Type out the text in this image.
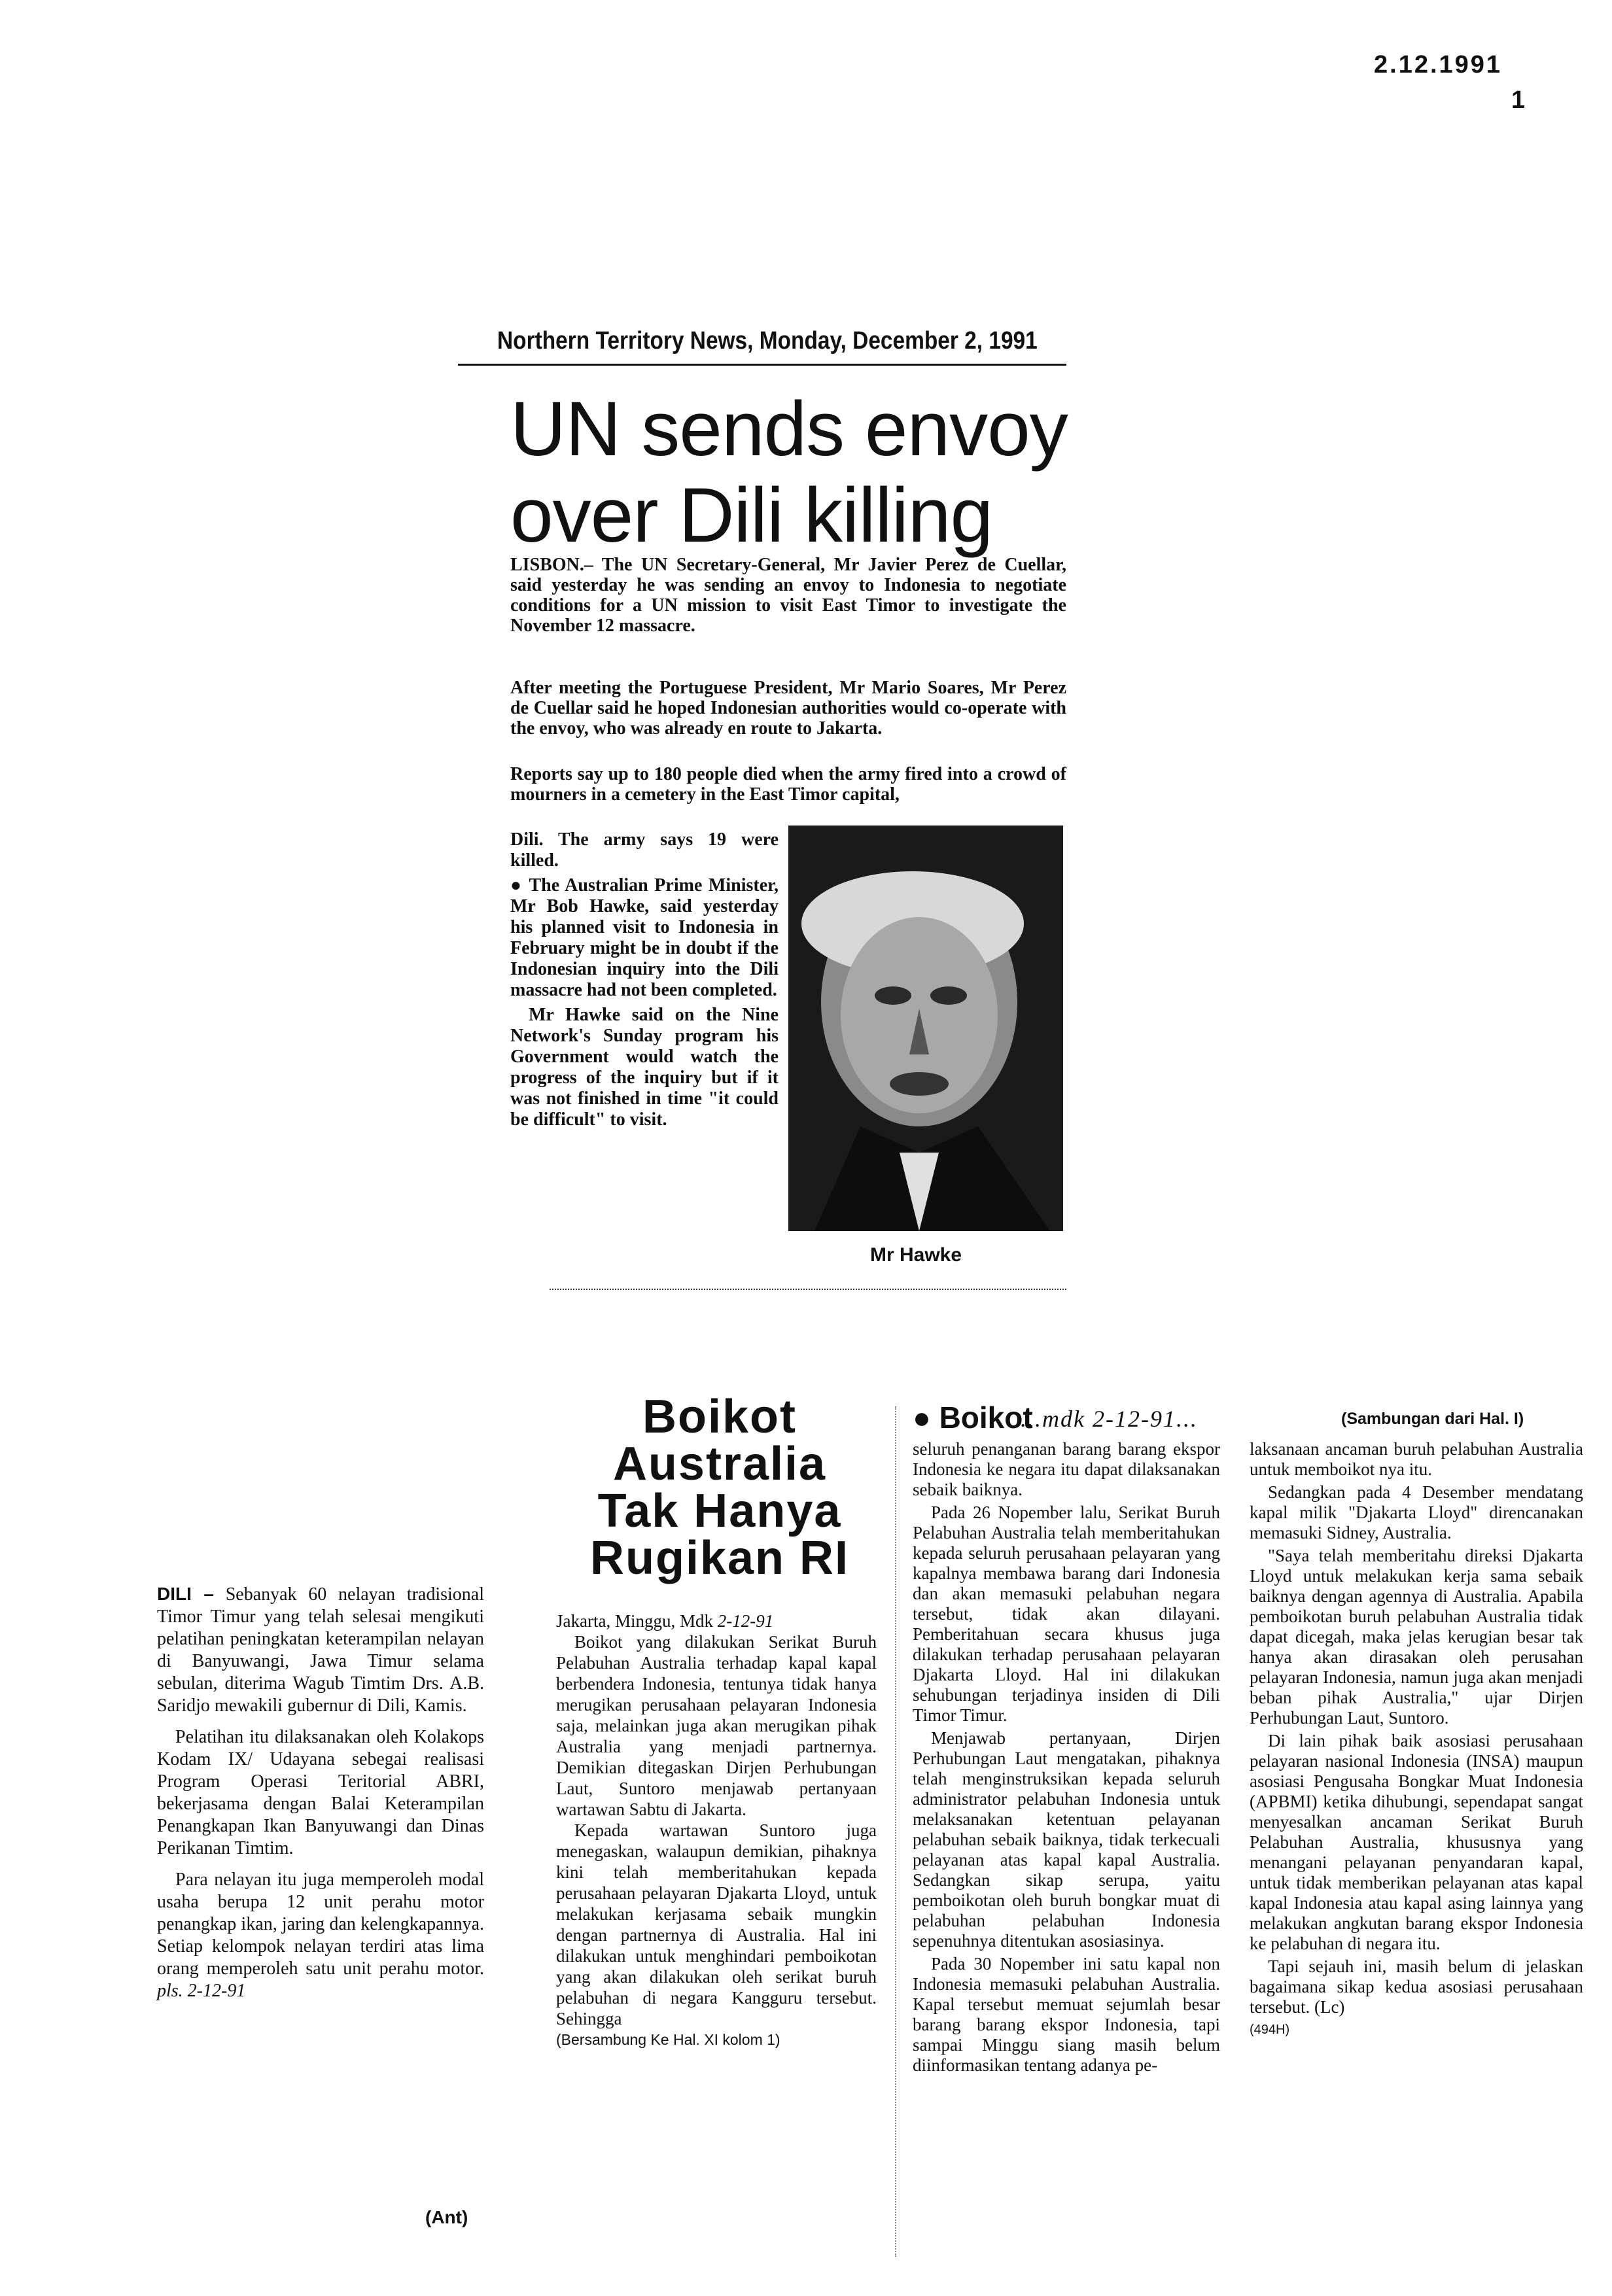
2.12.1991
1
Northern Territory News, Monday, December 2, 1991
UN sends envoy
over Dili killing
LISBON.– The UN Secretary-General, Mr Javier Perez de Cuellar, said yesterday he was sending an envoy to Indonesia to negotiate conditions for a UN mission to visit East Timor to investigate the November 12 massacre.
After meeting the Portuguese President, Mr Mario Soares, Mr Perez de Cuellar said he hoped Indonesian authorities would co-operate with the envoy, who was already en route to Jakarta.
Reports say up to 180 people died when the army fired into a crowd of mourners in a cemetery in the East Timor capital,

Dili. The army says 19 were killed.

● The Australian Prime Minister, Mr Bob Hawke, said yesterday his planned visit to Indonesia in February might be in doubt if the Indonesian inquiry into the Dili massacre had not been completed.

Mr Hawke said on the Nine Network's Sunday program his Government would watch the progress of the inquiry but if it was not finished in time "it could be difficult" to visit.

Mr Hawke

DILI – Sebanyak 60 nelayan tradisional Timor Timur yang telah selesai mengikuti pelatihan peningkatan keterampilan nelayan di Banyuwangi, Jawa Timur selama sebulan, diterima Wagub Timtim Drs. A.B. Saridjo mewakili gubernur di Dili, Kamis.

Pelatihan itu dilaksanakan oleh Kolakops Kodam IX/ Udayana sebegai realisasi Program Operasi Teritorial ABRI, bekerjasama dengan Balai Keterampilan Penangkapan Ikan Banyuwangi dan Dinas Perikanan Timtim.

Para nelayan itu juga memperoleh modal usaha berupa 12 unit perahu motor penangkap ikan, jaring dan kelengkapannya. Setiap kelompok nelayan terdiri atas lima orang memperoleh satu unit perahu motor. pls. 2-12-91

(Ant)
Boikot
Australia
Tak Hanya
Rugikan RI

Jakarta, Minggu, Mdk 2-12-91

Boikot yang dilakukan Serikat Buruh Pelabuhan Australia terhadap kapal kapal berbendera Indonesia, tentunya tidak hanya merugikan perusahaan pelayaran Indonesia saja, melainkan juga akan merugikan pihak Australia yang menjadi partnernya. Demikian ditegaskan Dirjen Perhubungan Laut, Suntoro menjawab pertanyaan wartawan Sabtu di Jakarta.

Kepada wartawan Suntoro juga menegaskan, walaupun demikian, pihaknya kini telah memberitahukan kepada perusahaan pelayaran Djakarta Lloyd, untuk melakukan kerjasama sebaik mungkin dengan partnernya di Australia. Hal ini dilakukan untuk menghindari pemboikotan yang akan dilakukan oleh serikat buruh pelabuhan di negara Kangguru tersebut. Sehingga

(Bersambung Ke Hal. XI kolom 1)

● Boikot
...mdk 2-12-91...	(Sambungan dari Hal. I)

seluruh penanganan barang barang ekspor Indonesia ke negara itu dapat dilaksanakan sebaik baiknya.

Pada 26 Nopember lalu, Serikat Buruh Pelabuhan Australia telah memberitahukan kepada seluruh perusahaan pelayaran yang kapalnya membawa barang dari Indonesia dan akan memasuki pelabuhan negara tersebut, tidak akan dilayani. Pemberitahuan secara khusus juga dilakukan terhadap perusahaan pelayaran Djakarta Lloyd. Hal ini dilakukan sehubungan terjadinya insiden di Dili Timor Timur.

Menjawab pertanyaan, Dirjen Perhubungan Laut mengatakan, pihaknya telah menginstruksikan kepada seluruh administrator pelabuhan Indonesia untuk melaksanakan ketentuan pelayanan pelabuhan sebaik baiknya, tidak terkecuali pelayanan atas kapal kapal Australia. Sedangkan sikap serupa, yaitu pemboikotan oleh buruh bongkar muat di pelabuhan pelabuhan Indonesia sepenuhnya ditentukan asosiasinya.

Pada 30 Nopember ini satu kapal non Indonesia memasuki pelabuhan Australia. Kapal tersebut memuat sejumlah besar barang barang ekspor Indonesia, tapi sampai Minggu siang masih belum diinformasikan tentang adanya pe-

laksanaan ancaman buruh pelabuhan Australia untuk memboikot nya itu.

Sedangkan pada 4 Desember mendatang kapal milik "Djakarta Lloyd" direncanakan memasuki Sidney, Australia.

"Saya telah memberitahu direksi Djakarta Lloyd untuk melakukan kerja sama sebaik baiknya dengan agennya di Australia. Apabila pemboikotan buruh pelabuhan Australia tidak dapat dicegah, maka jelas kerugian besar tak hanya akan dirasakan oleh perusahan pelayaran Indonesia, namun juga akan menjadi beban pihak Australia," ujar Dirjen Perhubungan Laut, Suntoro.

Di lain pihak baik asosiasi perusahaan pelayaran nasional Indonesia (INSA) maupun asosiasi Pengusaha Bongkar Muat Indonesia (APBMI) ketika dihubungi, sependapat sangat menyesalkan ancaman Serikat Buruh Pelabuhan Australia, khususnya yang menangani pelayanan penyandaran kapal, untuk tidak memberikan pelayanan atas kapal kapal Indonesia atau kapal asing lainnya yang melakukan angkutan barang ekspor Indonesia ke pelabuhan di negara itu.

Tapi sejauh ini, masih belum di jelaskan bagaimana sikap kedua asosiasi perusahaan tersebut. (Lc)

(494H)
